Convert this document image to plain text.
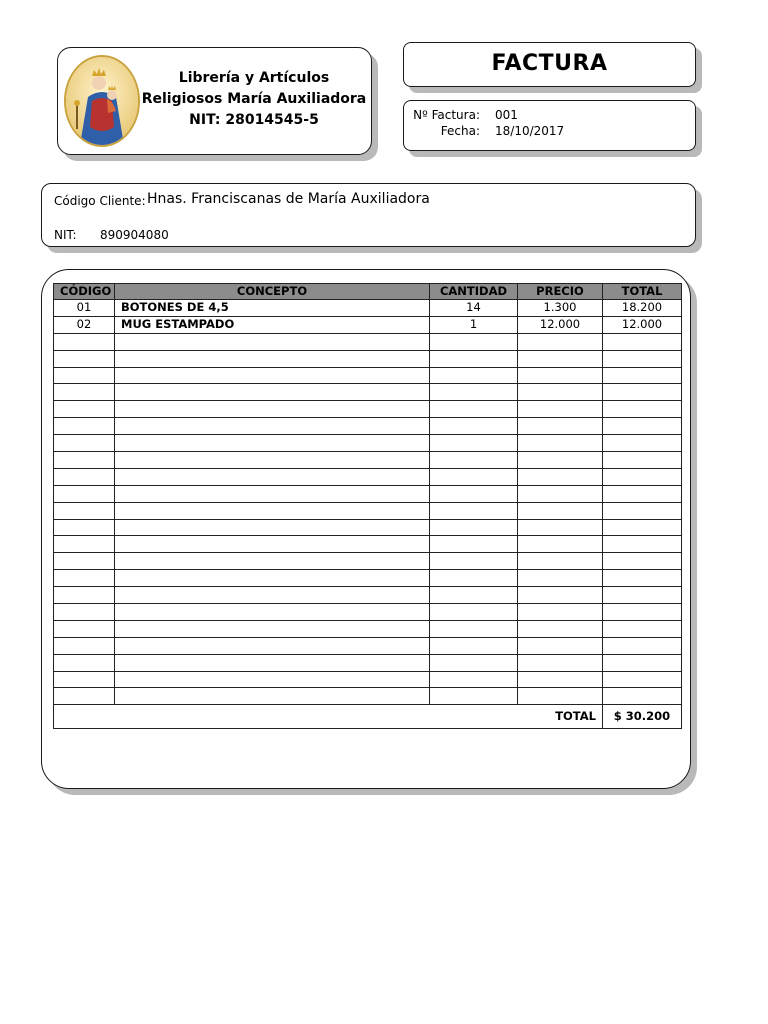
Librería y Artículos
Religiosos María Auxiliadora
NIT: 28014545-5
FACTURA
Nº Factura: 001
Fecha: 18/10/2017
Código Cliente: Hnas. Franciscanas de María Auxiliadora
NIT: 890904080
CÓDIGO	CONCEPTO	CANTIDAD	PRECIO	TOTAL
01	BOTONES DE 4,5	14	1.300	18.200
02	MUG ESTAMPADO	1	12.000	12.000

TOTAL				$ 30.200
